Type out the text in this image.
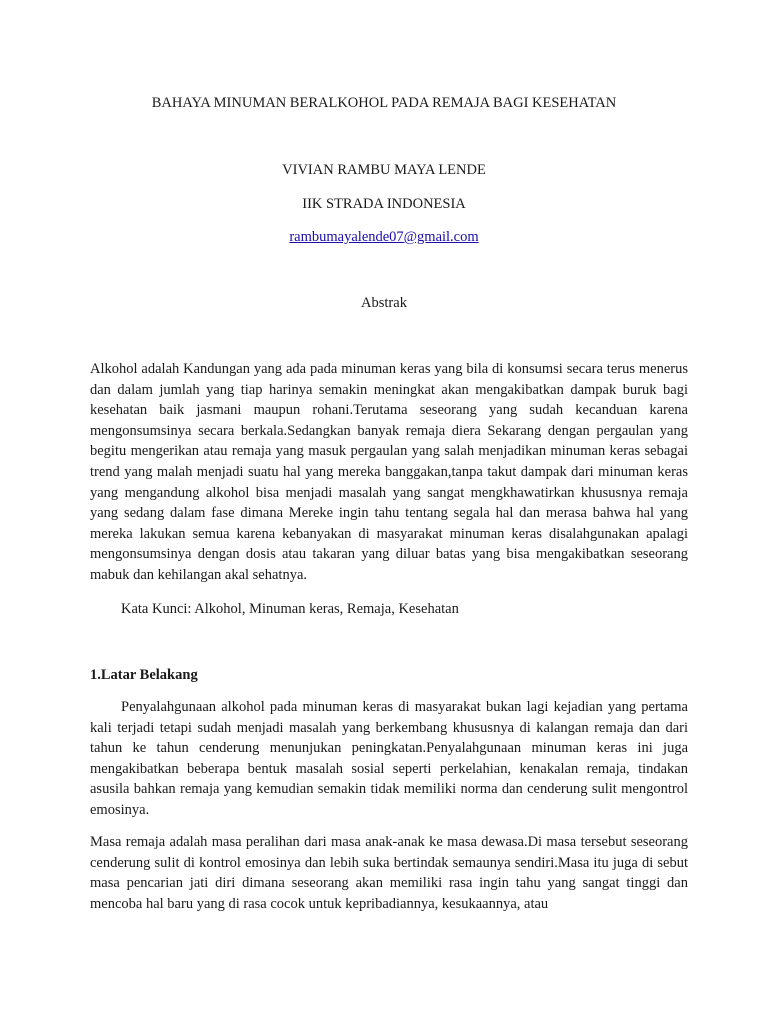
BAHAYA MINUMAN BERALKOHOL PADA REMAJA BAGI KESEHATAN
VIVIAN RAMBU MAYA LENDE
IIK STRADA INDONESIA
rambumayalende07@gmail.com
Abstrak
Alkohol adalah Kandungan yang ada pada minuman keras yang bila di konsumsi secara terus menerus dan dalam jumlah yang tiap harinya semakin meningkat akan mengakibatkan dampak buruk bagi kesehatan baik jasmani maupun rohani.Terutama seseorang yang sudah kecanduan karena mengonsumsinya secara berkala.Sedangkan banyak remaja diera Sekarang dengan pergaulan yang begitu mengerikan atau remaja yang masuk pergaulan yang salah menjadikan minuman keras sebagai trend yang malah menjadi suatu hal yang mereka banggakan,tanpa takut dampak dari minuman keras yang mengandung alkohol bisa menjadi masalah yang sangat mengkhawatirkan khususnya remaja yang sedang dalam fase dimana Mereke ingin tahu tentang segala hal dan merasa bahwa hal yang mereka lakukan semua karena kebanyakan di masyarakat minuman keras disalahgunakan apalagi mengonsumsinya dengan dosis atau takaran yang diluar batas yang bisa mengakibatkan seseorang mabuk dan kehilangan akal sehatnya.
Kata Kunci: Alkohol, Minuman keras, Remaja, Kesehatan
1.Latar Belakang
Penyalahgunaan alkohol pada minuman keras di masyarakat bukan lagi kejadian yang pertama kali terjadi tetapi sudah menjadi masalah yang berkembang khususnya di kalangan remaja dan dari tahun ke tahun cenderung menunjukan peningkatan.Penyalahgunaan minuman keras ini juga mengakibatkan beberapa bentuk masalah sosial seperti perkelahian, kenakalan remaja, tindakan asusila bahkan remaja yang kemudian semakin tidak memiliki norma dan cenderung sulit mengontrol emosinya.
Masa remaja adalah masa peralihan dari masa anak-anak ke masa dewasa.Di masa tersebut seseorang cenderung sulit di kontrol emosinya dan lebih suka bertindak semaunya sendiri.Masa itu juga di sebut masa pencarian jati diri dimana seseorang akan memiliki rasa ingin tahu yang sangat tinggi dan mencoba hal baru yang di rasa cocok untuk kepribadiannya, kesukaannya, atau
